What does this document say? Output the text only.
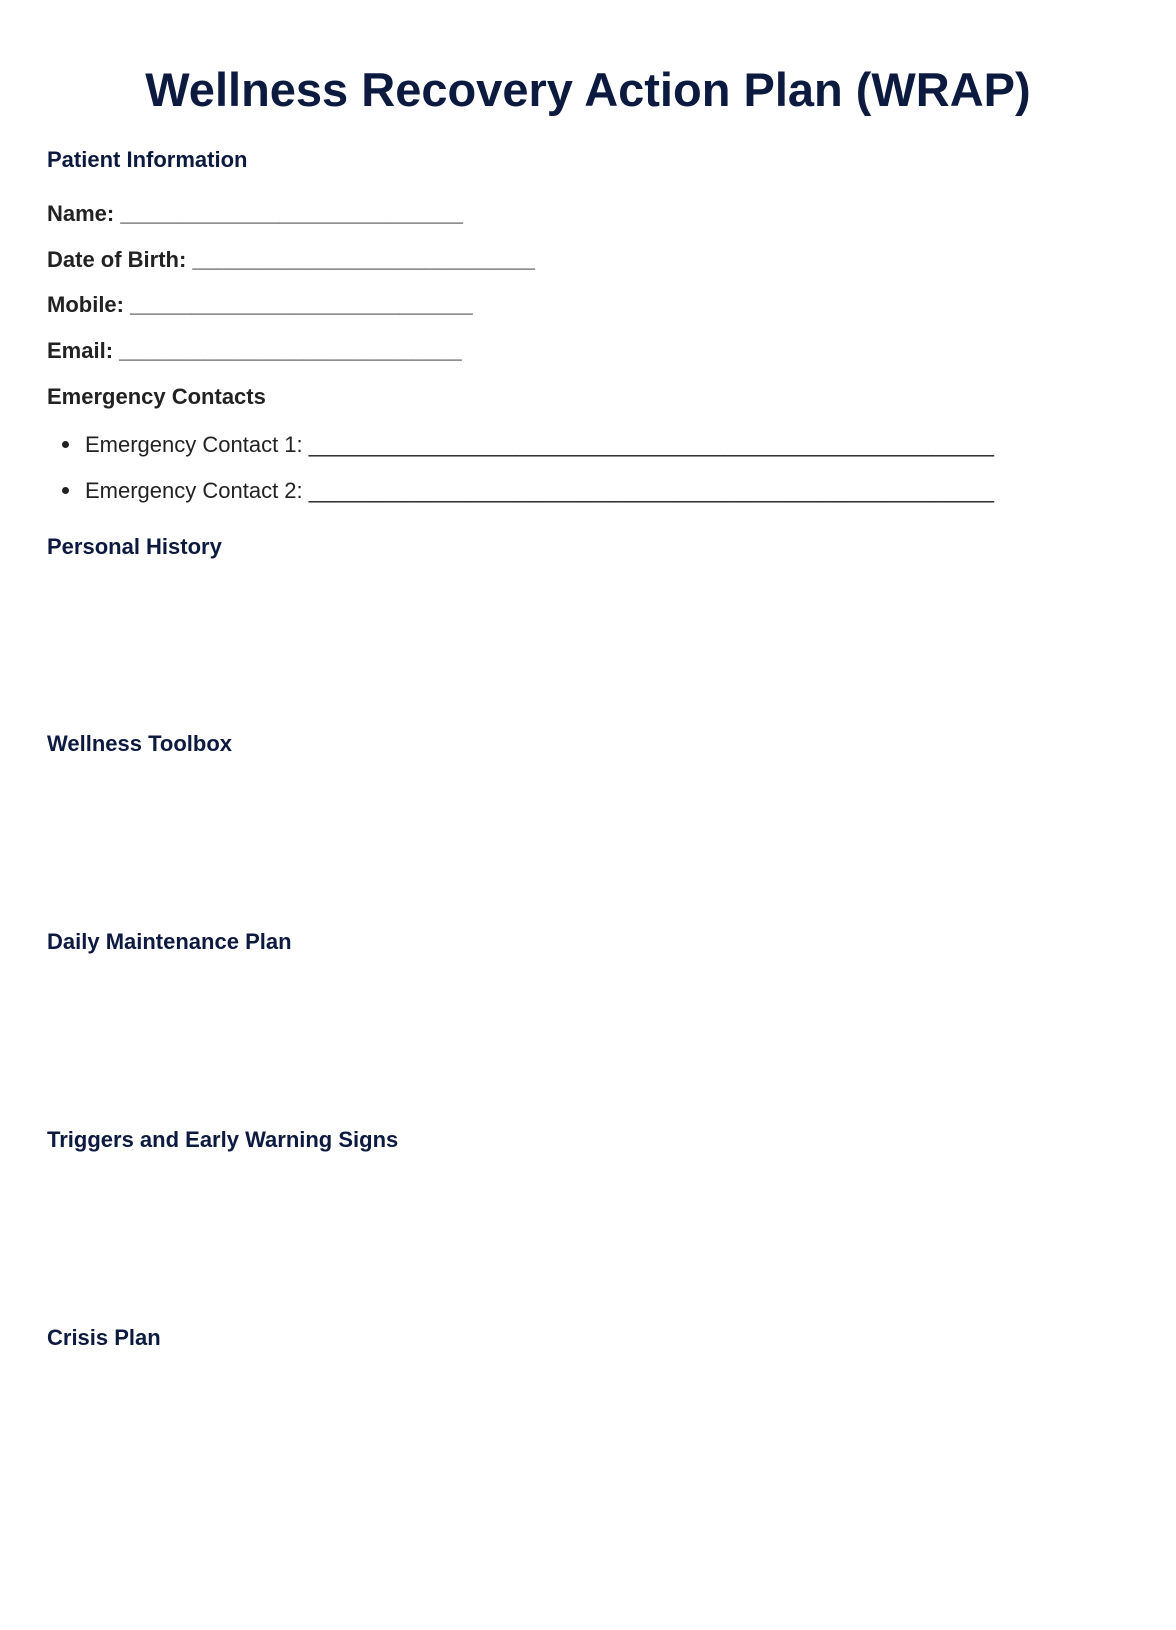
Wellness Recovery Action Plan (WRAP)
Patient Information
Name: ____________________________
Date of Birth: ____________________________
Mobile: ____________________________
Email: ____________________________
Emergency Contacts
Emergency Contact 1: ________________________________________________________
Emergency Contact 2: ________________________________________________________
Personal History
Wellness Toolbox
Daily Maintenance Plan
Triggers and Early Warning Signs
Crisis Plan
